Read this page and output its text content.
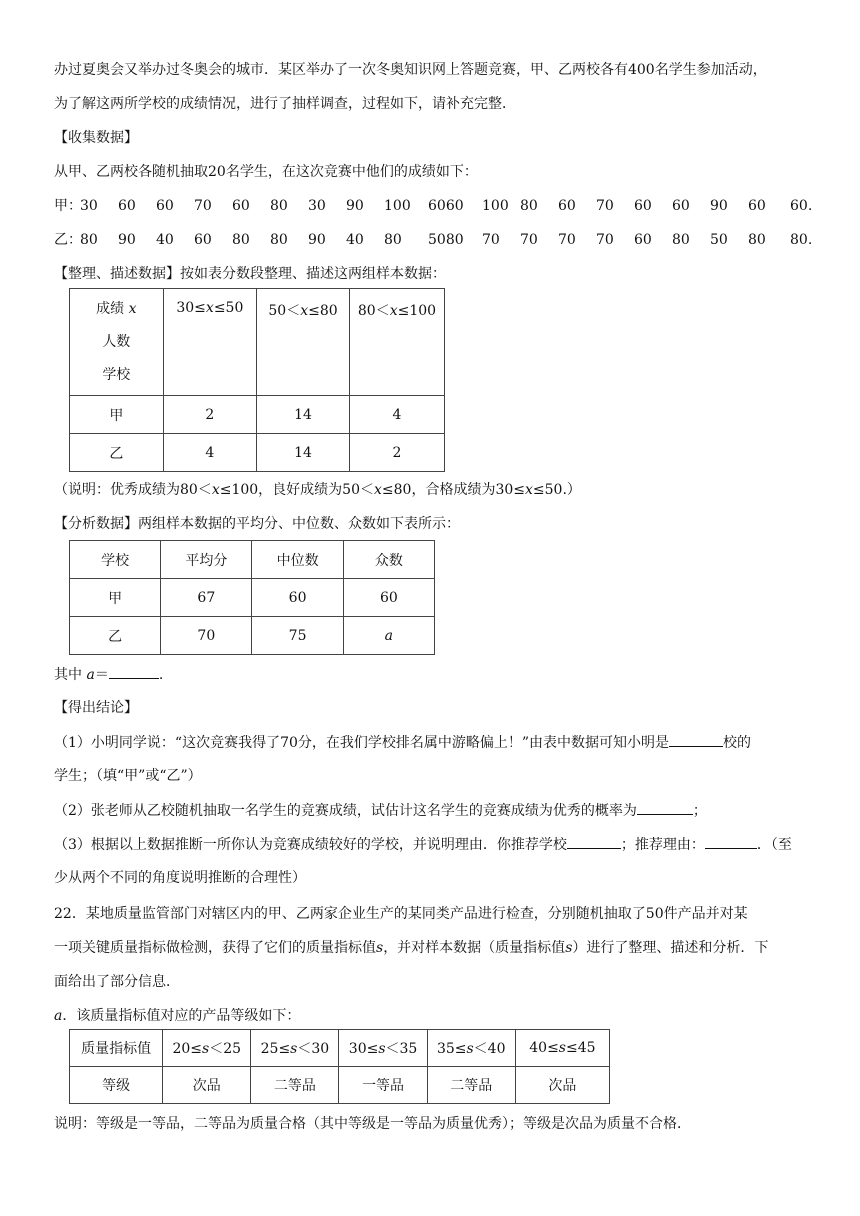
办过夏奥会又举办过冬奥会的城市．某区举办了一次冬奥知识网上答题竞赛，甲、乙两校各有400名学生参加活动，
为了解这两所学校的成绩情况，进行了抽样调查，过程如下，请补充完整．
【收集数据】
从甲、乙两校各随机抽取20名学生，在这次竞赛中他们的成绩如下：
甲：
30 60 60 70 60 80 30 90 100 6060 100 80 60 70 60 60 90 60 60.
乙：
80 90 40 60 80 80 90 40 80 5080 70 70 70 70 60 80 50 80 80.
【整理、描述数据】按如表分数段整理、描述这两组样本数据：
成绩 x
人数
学校	30≤x≤50	50＜x≤80	80＜x≤100
甲	2	14	4
乙	4	14	2
（说明：优秀成绩为80＜x≤100，良好成绩为50＜x≤80，合格成绩为30≤x≤50.）
【分析数据】两组样本数据的平均分、中位数、众数如下表所示：
学校	平均分	中位数	众数
甲	67	60	60
乙	70	75	a
其中 a＝	.
【得出结论】
（1）小明同学说：“这次竞赛我得了70分，在我们学校排名属中游略偏上！”由表中数据可知小明是	校的
学生；（填“甲”或“乙”）
（2）张老师从乙校随机抽取一名学生的竞赛成绩，试估计这名学生的竞赛成绩为优秀的概率为	；
（3）根据以上数据推断一所你认为竞赛成绩较好的学校，并说明理由．你推荐学校	；推荐理由：	．（至
少从两个不同的角度说明推断的合理性）
22．某地质量监管部门对辖区内的甲、乙两家企业生产的某同类产品进行检查，分别随机抽取了50件产品并对某
一项关键质量指标做检测，获得了它们的质量指标值s，并对样本数据（质量指标值s）进行了整理、描述和分析．下
面给出了部分信息．
a．该质量指标值对应的产品等级如下：
质量指标值	20≤s＜25	25≤s＜30	30≤s＜35	35≤s＜40	40≤s≤45
等级	次品	二等品	一等品	二等品	次品
说明：等级是一等品，二等品为质量合格（其中等级是一等品为质量优秀）；等级是次品为质量不合格．
